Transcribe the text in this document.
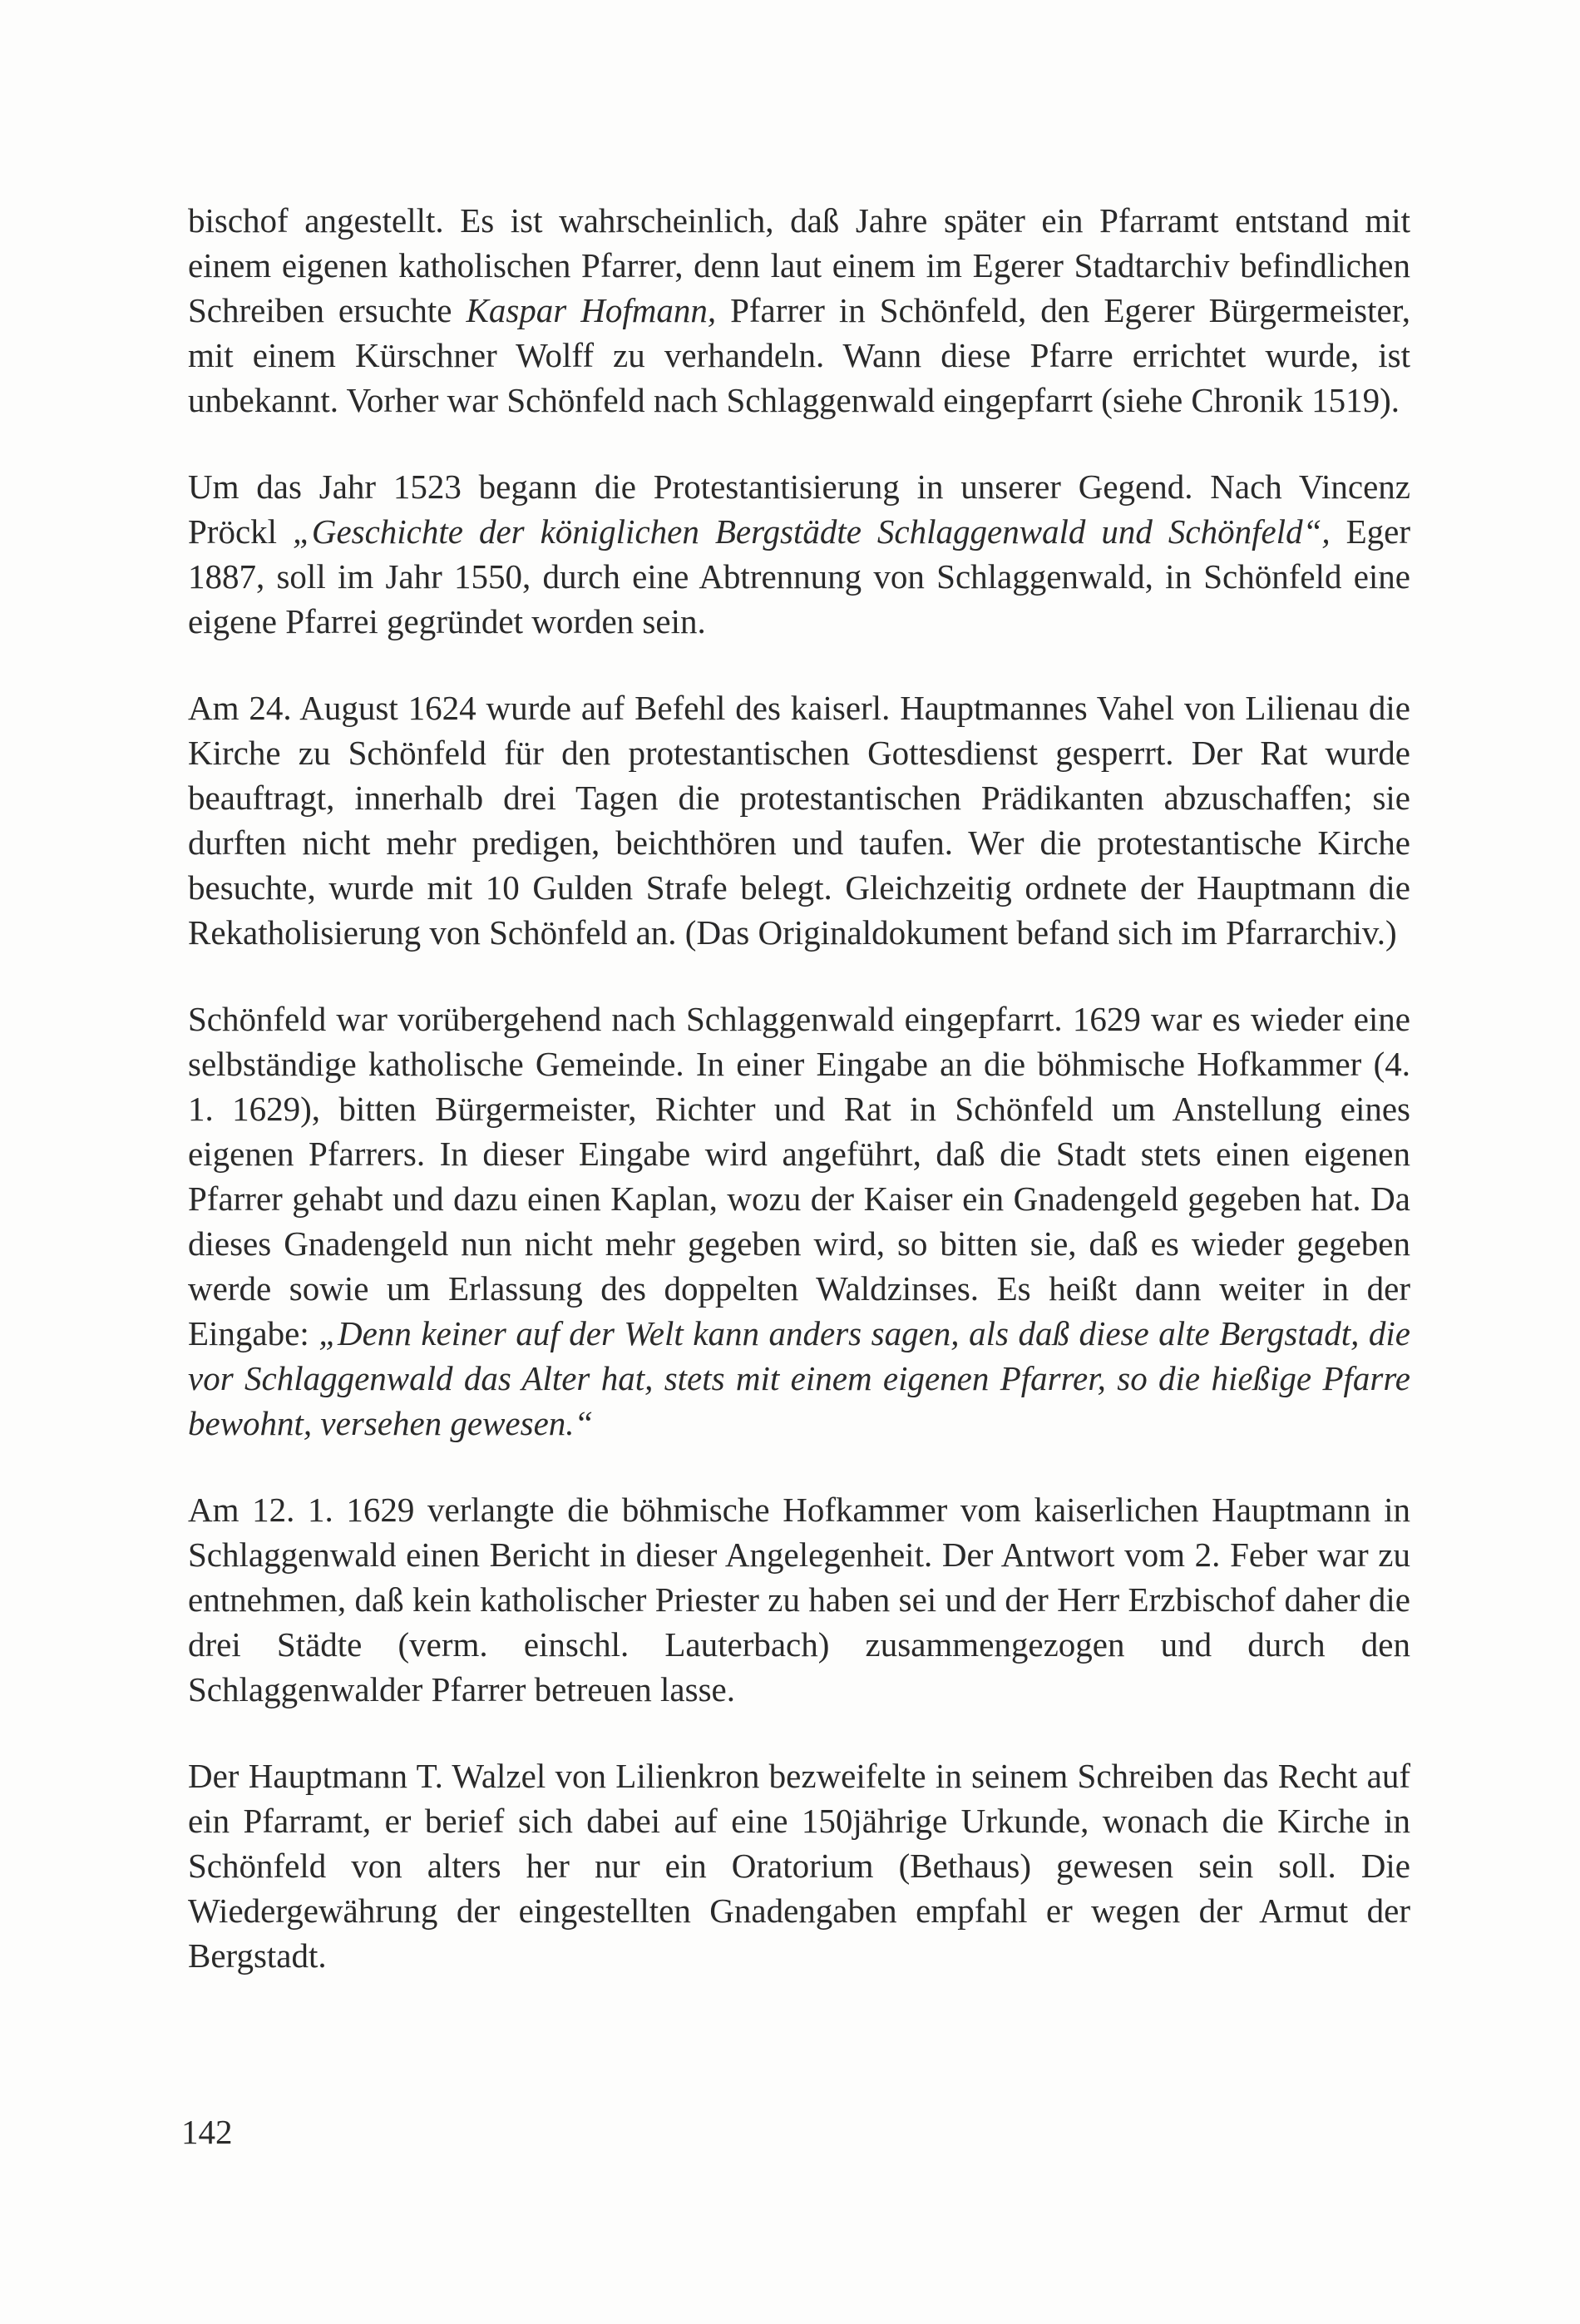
bischof angestellt. Es ist wahrscheinlich, daß Jahre später ein Pfarramt entstand mit einem eigenen katholischen Pfarrer, denn laut einem im Egerer Stadtarchiv befindlichen Schreiben ersuchte Kaspar Hofmann, Pfarrer in Schönfeld, den Egerer Bürgermeister, mit einem Kürschner Wolff zu verhandeln. Wann diese Pfarre errichtet wurde, ist unbekannt. Vorher war Schönfeld nach Schlaggenwald eingepfarrt (siehe Chronik 1519).

Um das Jahr 1523 begann die Protestantisierung in unserer Gegend. Nach Vincenz Pröckl „Geschichte der königlichen Bergstädte Schlaggenwald und Schönfeld“, Eger 1887, soll im Jahr 1550, durch eine Abtrennung von Schlaggenwald, in Schönfeld eine eigene Pfarrei gegründet worden sein.

Am 24. August 1624 wurde auf Befehl des kaiserl. Hauptmannes Vahel von Lilienau die Kirche zu Schönfeld für den protestantischen Gottesdienst gesperrt. Der Rat wurde beauftragt, innerhalb drei Tagen die protestantischen Prädikanten abzuschaffen; sie durften nicht mehr predigen, beichthören und taufen. Wer die protestantische Kirche besuchte, wurde mit 10 Gulden Strafe belegt. Gleichzeitig ordnete der Hauptmann die Rekatholisierung von Schönfeld an. (Das Originaldokument befand sich im Pfarrarchiv.)

Schönfeld war vorübergehend nach Schlaggenwald eingepfarrt. 1629 war es wieder eine selbständige katholische Gemeinde. In einer Eingabe an die böhmische Hofkammer (4. 1. 1629), bitten Bürgermeister, Richter und Rat in Schönfeld um Anstellung eines eigenen Pfarrers. In dieser Eingabe wird angeführt, daß die Stadt stets einen eigenen Pfarrer gehabt und dazu einen Kaplan, wozu der Kaiser ein Gnadengeld gegeben hat. Da dieses Gnadengeld nun nicht mehr gegeben wird, so bitten sie, daß es wieder gegeben werde sowie um Erlassung des doppelten Waldzinses. Es heißt dann weiter in der Eingabe: „Denn keiner auf der Welt kann anders sagen, als daß diese alte Bergstadt, die vor Schlaggenwald das Alter hat, stets mit einem eigenen Pfarrer, so die hießige Pfarre bewohnt, versehen gewesen.“

Am 12. 1. 1629 verlangte die böhmische Hofkammer vom kaiserlichen Hauptmann in Schlaggenwald einen Bericht in dieser Angelegenheit. Der Antwort vom 2. Feber war zu entnehmen, daß kein katholischer Priester zu haben sei und der Herr Erzbischof daher die drei Städte (verm. einschl. Lauterbach) zusammengezogen und durch den Schlaggenwalder Pfarrer betreuen lasse.

Der Hauptmann T. Walzel von Lilienkron bezweifelte in seinem Schreiben das Recht auf ein Pfarramt, er berief sich dabei auf eine 150jährige Urkunde, wonach die Kirche in Schönfeld von alters her nur ein Oratorium (Bethaus) gewesen sein soll. Die Wiedergewährung der eingestellten Gnadengaben empfahl er wegen der Armut der Bergstadt.

142
